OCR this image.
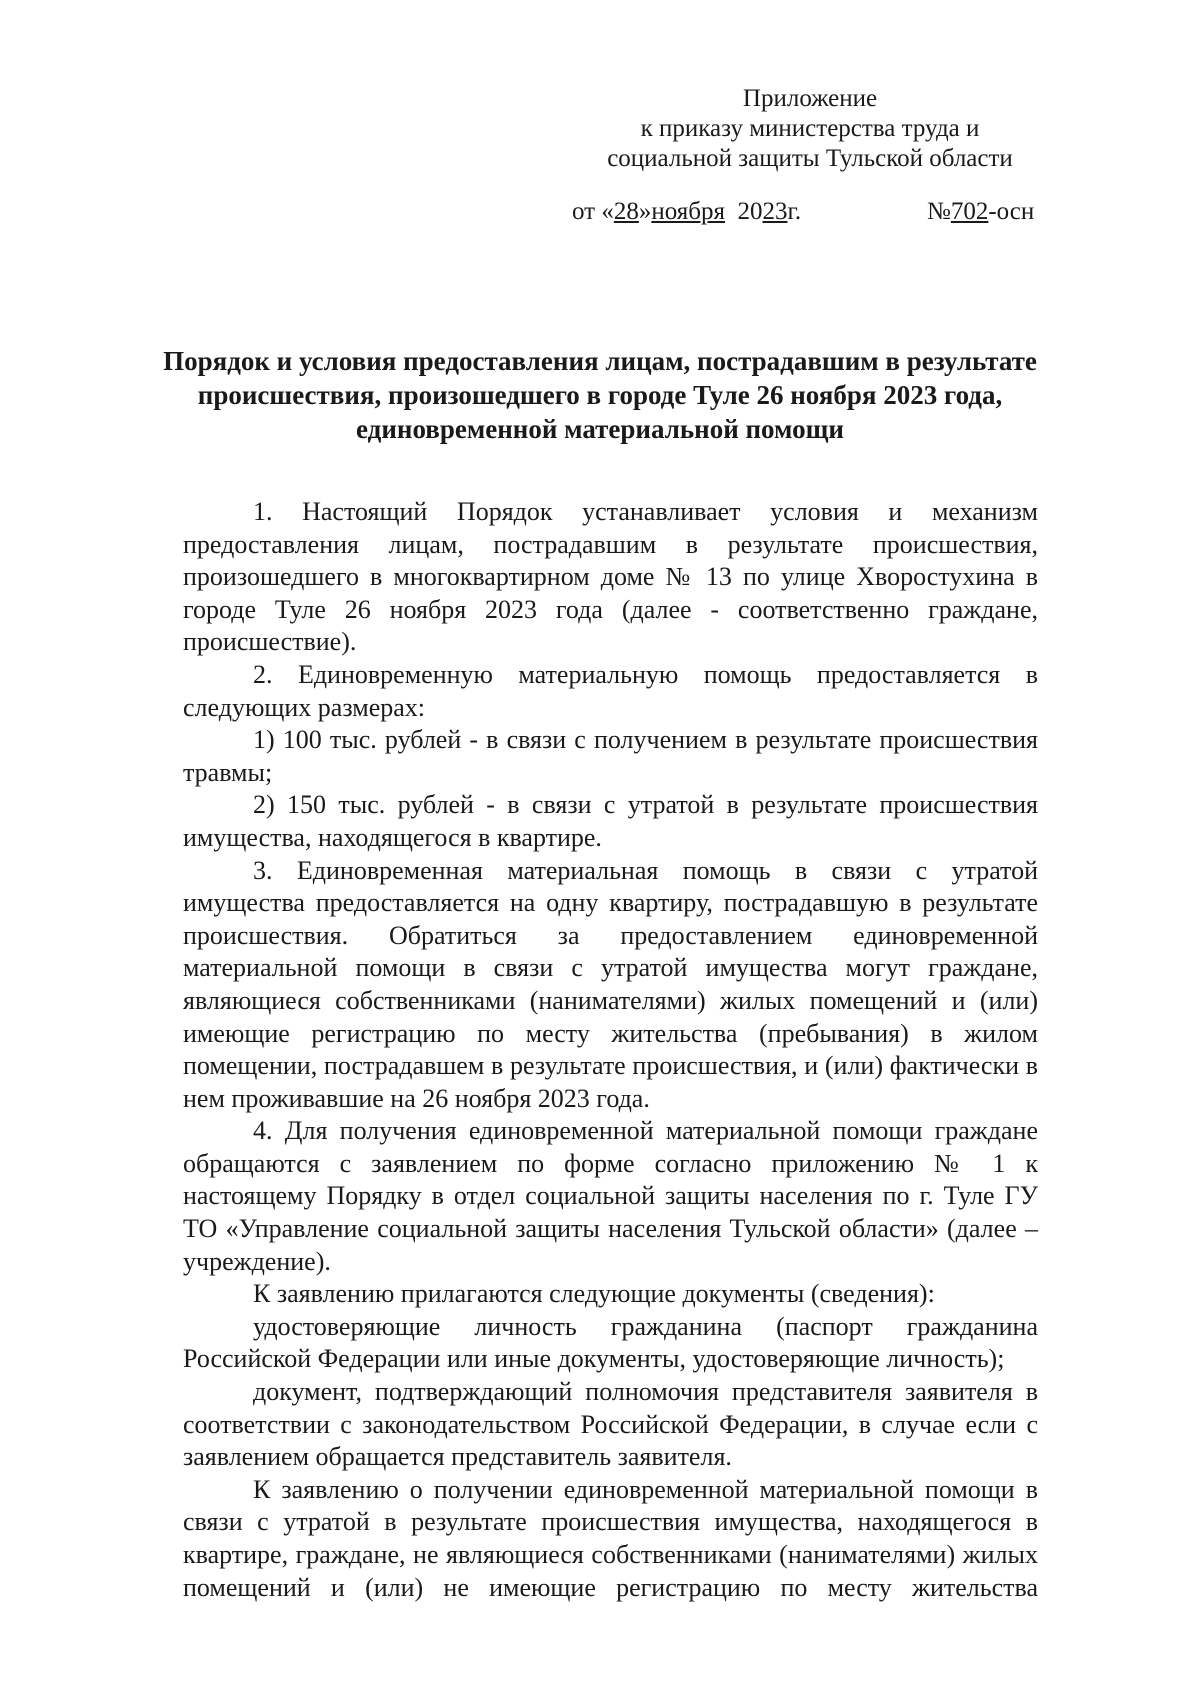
Приложение
к приказу министерства труда и
социальной защиты Тульской области
от «28»ноября 2023г.	№702-осн
Порядок и условия предоставления лицам, пострадавшим в результате
происшествия, произошедшего в городе Туле 26 ноября 2023 года,
единовременной материальной помощи

1. Настоящий Порядок устанавливает условия и механизм предоставления лицам, пострадавшим в результате происшествия, произошедшего в многоквартирном доме № 13 по улице Хворостухина в городе Туле 26 ноября 2023 года (далее - соответственно граждане, происшествие).

2. Единовременную материальную помощь предоставляется в следующих размерах:

1) 100 тыс. рублей - в связи с получением в результате происшествия травмы;

2) 150 тыс. рублей - в связи с утратой в результате происшествия имущества, находящегося в квартире.

3. Единовременная материальная помощь в связи с утратой имущества предоставляется на одну квартиру, пострадавшую в результате происшествия. Обратиться за предоставлением единовременной материальной помощи в связи с утратой имущества могут граждане, являющиеся собственниками (нанимателями) жилых помещений и (или) имеющие регистрацию по месту жительства (пребывания) в жилом помещении, пострадавшем в результате происшествия, и (или) фактически в нем проживавшие на 26 ноября 2023 года.

4. Для получения единовременной материальной помощи граждане обращаются с заявлением по форме согласно приложению № 1 к настоящему Порядку в отдел социальной защиты населения по г. Туле ГУ ТО «Управление социальной защиты населения Тульской области» (далее – учреждение).

К заявлению прилагаются следующие документы (сведения):

удостоверяющие личность гражданина (паспорт гражданина Российской Федерации или иные документы, удостоверяющие личность);

документ, подтверждающий полномочия представителя заявителя в соответствии с законодательством Российской Федерации, в случае если с заявлением обращается представитель заявителя.

К заявлению о получении единовременной материальной помощи в связи с утратой в результате происшествия имущества, находящегося в квартире, граждане, не являющиеся собственниками (нанимателями) жилых помещений и (или) не имеющие регистрацию по месту жительства
